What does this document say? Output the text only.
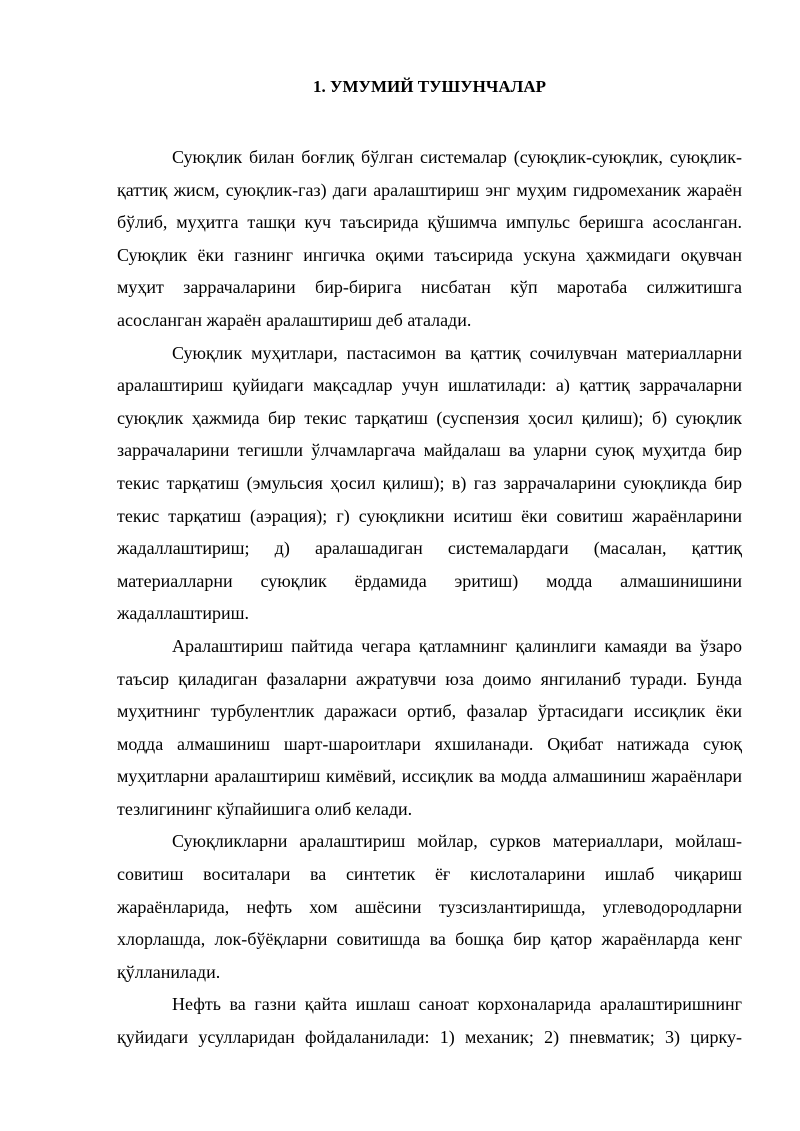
1. УМУМИЙ ТУШУНЧАЛАР

Суюқлик билан боғлиқ бўлган системалар (суюқлик-суюқлик, суюқлик-қаттиқ жисм, суюқлик-газ) даги аралаштириш энг муҳим гидромеханик жараён бўлиб, муҳитга ташқи куч таъсирида қўшимча импульс беришга асосланган. Суюқлик ёки газнинг ингичка оқими таъсирида ускуна ҳажмидаги оқувчан муҳит заррачаларини бир-бирига нисбатан кўп маротаба силжитишга асосланган жараён аралаштириш деб аталади.

Суюқлик муҳитлари, пастасимон ва қаттиқ сочилувчан материалларни аралаштириш қуйидаги мақсадлар учун ишлатилади: а) қаттиқ заррачаларни суюқлик ҳажмида бир текис тарқатиш (суспензия ҳосил қилиш); б) суюқлик заррачаларини тегишли ўлчамларгача майдалаш ва уларни суюқ муҳитда бир текис тарқатиш (эмульсия ҳосил қилиш); в) газ заррачаларини суюқликда бир текис тарқатиш (аэрация); г) суюқликни иситиш ёки совитиш жараёнларини жадаллаштириш; д) аралашадиган системалардаги (масалан, қаттиқ материалларни суюқлик ёрдамида эритиш) модда алмашинишини жадаллаштириш.

Аралаштириш пайтида чегара қатламнинг қалинлиги камаяди ва ўзаро таъсир қиладиган фазаларни ажратувчи юза доимо янгиланиб туради. Бунда муҳитнинг турбулентлик даражаси ортиб, фазалар ўртасидаги иссиқлик ёки модда алмашиниш шарт-шароитлари яхшиланади. Оқибат натижада суюқ муҳитларни аралаштириш кимёвий, иссиқлик ва модда алмашиниш жараёнлари тезлигининг кўпайишига олиб келади.

Суюқликларни аралаштириш мойлар, сурков материаллари, мойлаш-совитиш воситалари ва синтетик ёғ кислоталарини ишлаб чиқариш жараёнларида, нефть хом ашёсини тузсизлантиришда, углеводородларни хлорлашда, лок-бўёқларни совитишда ва бошқа бир қатор жараёнларда кенг қўлланилади.

Нефть ва газни қайта ишлаш саноат корхоналарида аралаштиришнинг қуйидаги усулларидан фойдаланилади: 1) механик; 2) пневматик; 3) цирку-
